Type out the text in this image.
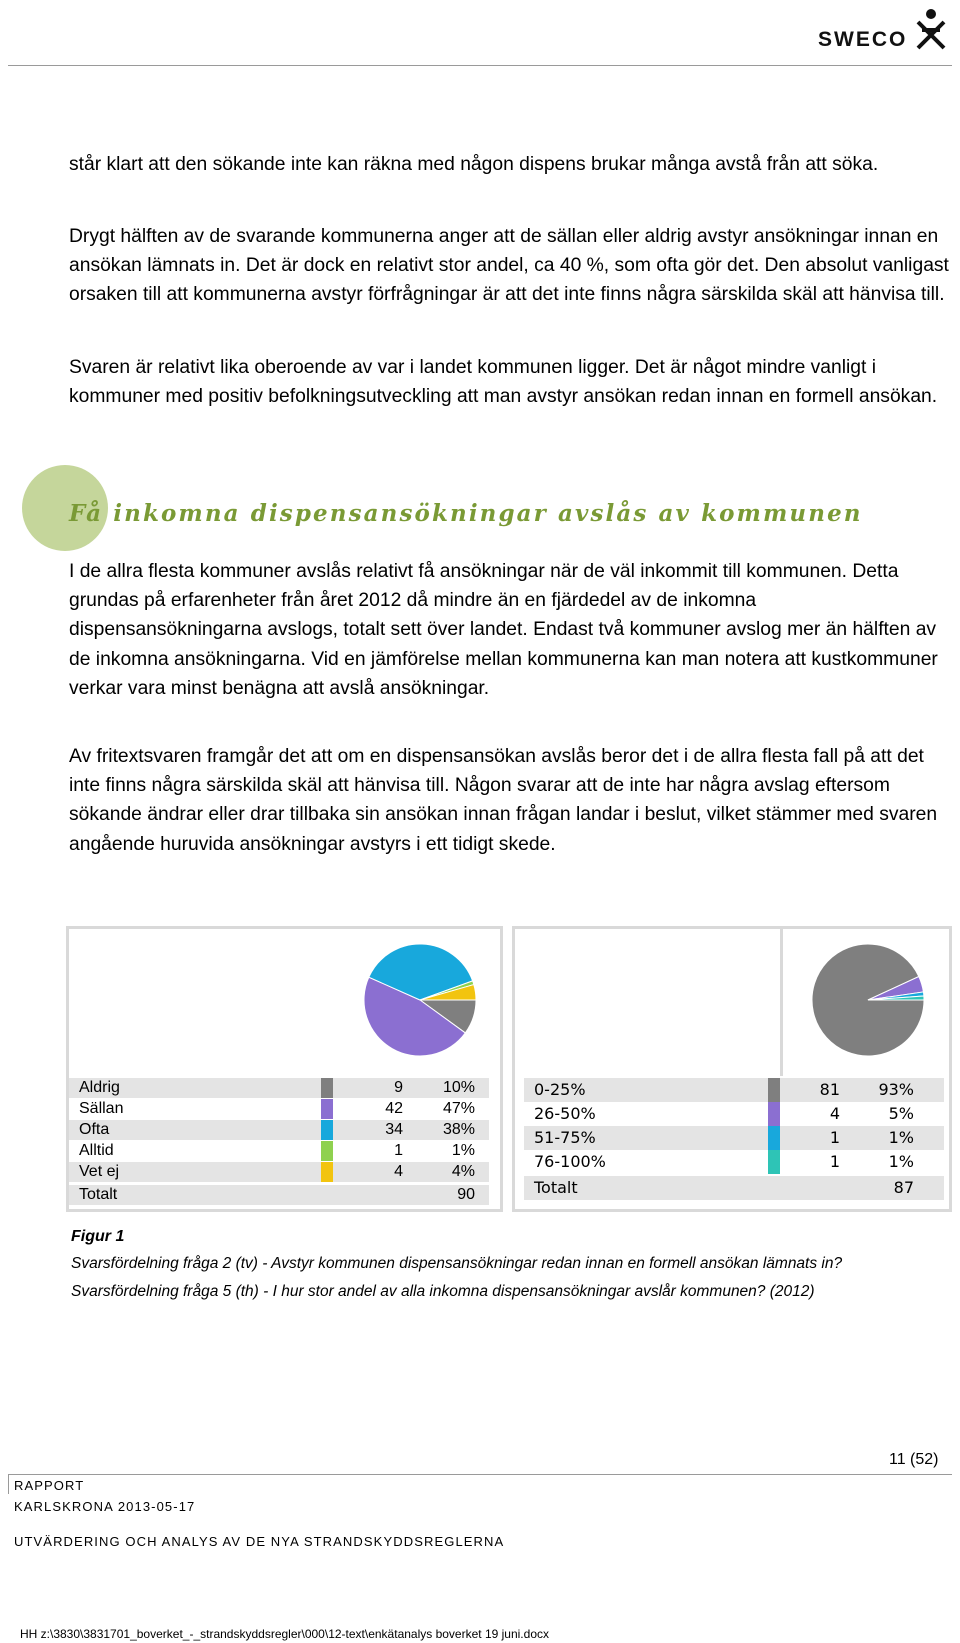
SWECO

står klart att den sökande inte kan räkna med någon dispens brukar många avstå från att söka.

Drygt hälften av de svarande kommunerna anger att de sällan eller aldrig avstyr ansökningar innan en ansökan lämnats in. Det är dock en relativt stor andel, ca 40 %, som ofta gör det. Den absolut vanligast orsaken till att kommunerna avstyr förfrågningar är att det inte finns några särskilda skäl att hänvisa till.

Svaren är relativt lika oberoende av var i landet kommunen ligger. Det är något mindre vanligt i kommuner med positiv befolkningsutveckling att man avstyr ansökan redan innan en formell ansökan.

Få inkomna dispensansökningar avslås av kommunen

I de allra flesta kommuner avslås relativt få ansökningar när de väl inkommit till kommunen. Detta grundas på erfarenheter från året 2012 då mindre än en fjärdedel av de inkomna dispensansökningarna avslogs, totalt sett över landet. Endast två kommuner avslog mer än hälften av de inkomna ansökningarna. Vid en jämförelse mellan kommunerna kan man notera att kustkommuner verkar vara minst benägna att avslå ansökningar.

Av fritextsvaren framgår det att om en dispensansökan avslås beror det i de allra flesta fall på att det inte finns några särskilda skäl att hänvisa till. Någon svarar att de inte har några avslag eftersom sökande ändrar eller drar tillbaka sin ansökan innan frågan landar i beslut, vilket stämmer med svaren angående huruvida ansökningar avstyrs i ett tidigt skede.

Aldrig	9 10%
Sällan	42 47%
Ofta	34 38%
Alltid	1	1%
Vet ej	4	4%
Totalt	90
0-25%	81 93%
26-50%	4	5%
51-75%	1	1%
76-100%	1	1%
Totalt	87

Figur 1

Svarsfördelning fråga 2 (tv) - Avstyr kommunen dispensansökningar redan innan en formell ansökan lämnats in?

Svarsfördelning fråga 5 (th) - I hur stor andel av alla inkomna dispensansökningar avslår kommunen? (2012)

11 (52)
RAPPORT
KARLSKRONA 2013-05-17
UTVÄRDERING OCH ANALYS AV DE NYA STRANDSKYDDSREGLERNA
HH z:\3830\3831701_boverket_-_strandskyddsregler\000\12-text\enkätanalys boverket 19 juni.docx
